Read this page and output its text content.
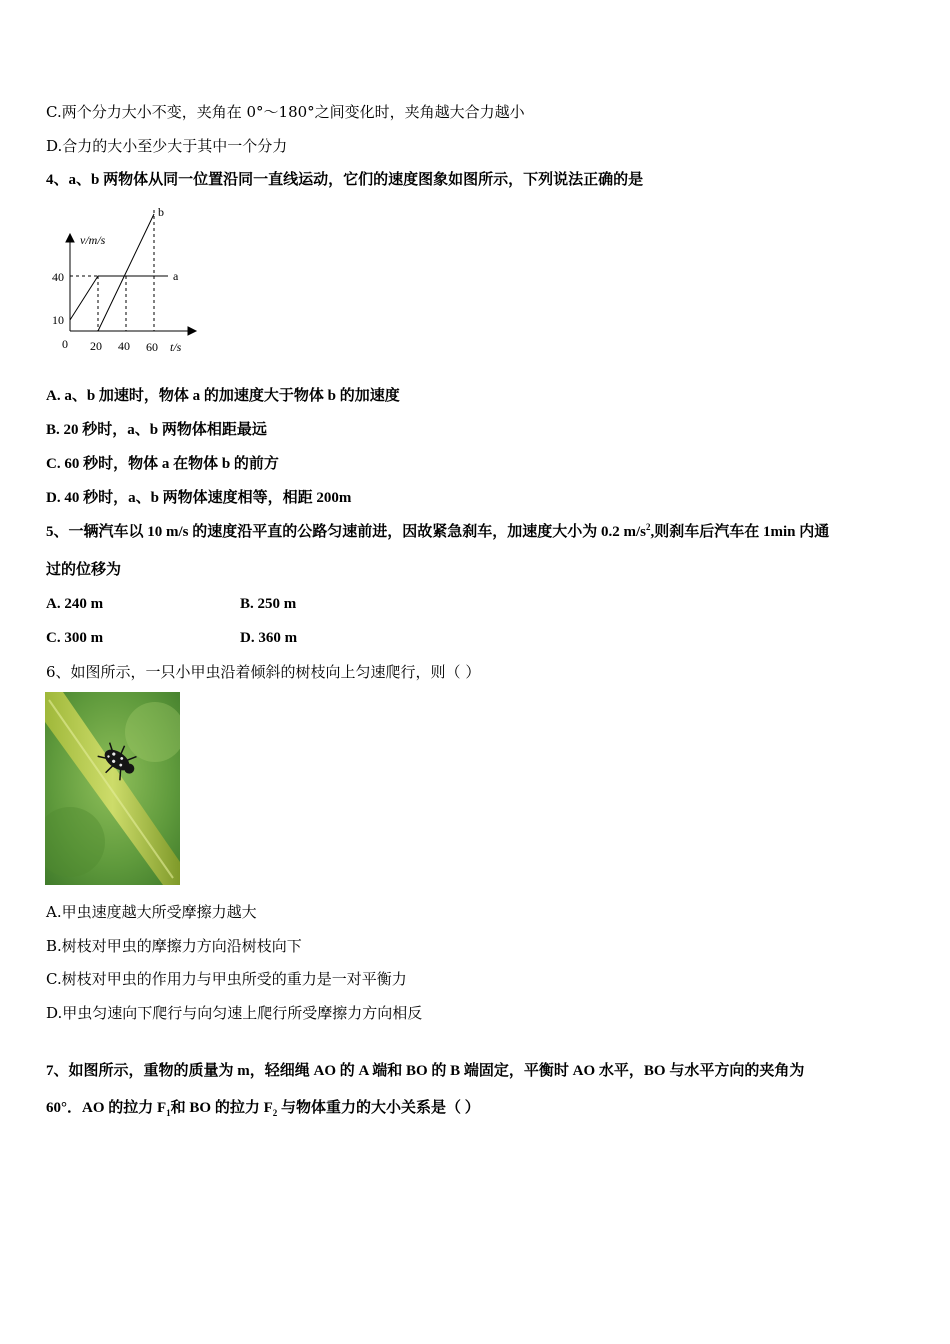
C.两个分力大小不变，夹角在 0°～180°之间变化时，夹角越大合力越小
D.合力的大小至少大于其中一个分力
4、a、b 两物体从同一位置沿同一直线运动，它们的速度图象如图所示，下列说法正确的是
v/m/s
40
10
0 20 40 60 t/s
a
b
A. a、b 加速时，物体 a 的加速度大于物体 b 的加速度
B. 20 秒时，a、b 两物体相距最远
C. 60 秒时，物体 a 在物体 b 的前方
D. 40 秒时，a、b 两物体速度相等，相距 200m
5、一辆汽车以 10 m/s 的速度沿平直的公路匀速前进，因故紧急刹车，加速度大小为 0.2 $m/s^2$,则刹车后汽车在 1min 内通
过的位移为
A. 240 m	B. 250 m
C. 300 m	D. 360 m
6、如图所示，一只小甲虫沿着倾斜的树枝向上匀速爬行，则（ ）
A.甲虫速度越大所受摩擦力越大
B.树枝对甲虫的摩擦力方向沿树枝向下
C.树枝对甲虫的作用力与甲虫所受的重力是一对平衡力
D.甲虫匀速向下爬行与向匀速上爬行所受摩擦力方向相反
7、如图所示，重物的质量为 m，轻细绳 AO 的 A 端和 BO 的 B 端固定，平衡时 AO 水平，BO 与水平方向的夹角为
60°．AO 的拉力 $F_1$和 BO 的拉力 $F_2$ 与物体重力的大小关系是（ ）
